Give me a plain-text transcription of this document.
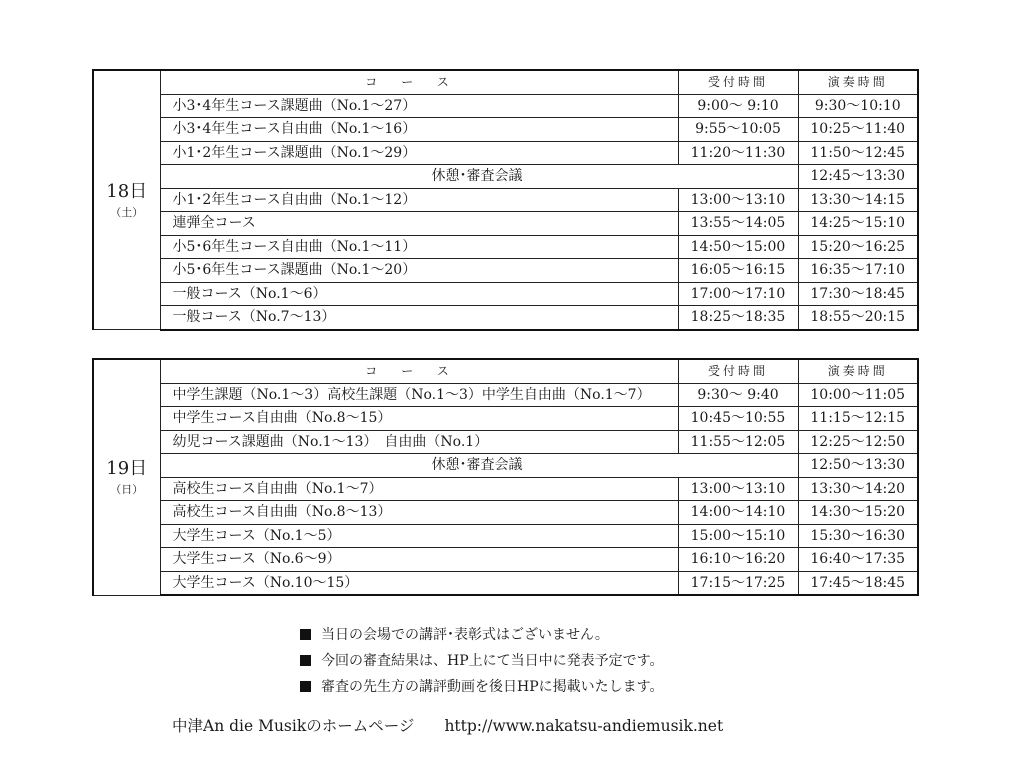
18日
（土）	コース	受付時間	演奏時間
	小3･4年生コース課題曲（No.1～27）	9:00～ 9:10	9:30～10:10
	小3･4年生コース自由曲（No.1～16）	9:55～10:05	10:25～11:40
	小1･2年生コース課題曲（No.1～29）	11:20～11:30	11:50～12:45
	休憩･審査会議		12:45～13:30
	小1･2年生コース自由曲（No.1～12）	13:00～13:10	13:30～14:15
	連弾全コース	13:55～14:05	14:25～15:10
	小5･6年生コース自由曲（No.1～11）	14:50～15:00	15:20～16:25
	小5･6年生コース課題曲（No.1～20）	16:05～16:15	16:35～17:10
	一般コース（No.1～6）	17:00～17:10	17:30～18:45
	一般コース（No.7～13）	18:25～18:35	18:55～20:15
19日
（日）	コース	受付時間	演奏時間
	中学生課題（No.1～3）高校生課題（No.1～3）中学生自由曲（No.1～7）	9:30～ 9:40	10:00～11:05
	中学生コース自由曲（No.8～15）	10:45～10:55	11:15～12:15
	幼児コース課題曲（No.1～13）　自由曲（No.1）	11:55～12:05	12:25～12:50
	休憩･審査会議		12:50～13:30
	高校生コース自由曲（No.1～7）	13:00～13:10	13:30～14:20
	高校生コース自由曲（No.8～13）	14:00～14:10	14:30～15:20
	大学生コース（No.1～5）	15:00～15:10	15:30～16:30
	大学生コース（No.6～9）	16:10～16:20	16:40～17:35
	大学生コース（No.10～15）	17:15～17:25	17:45～18:45
当日の会場での講評･表彰式はございません。
今回の審査結果は、HP上にて当日中に発表予定です。
審査の先生方の講評動画を後日HPに掲載いたします。
中津An die Musikのホームページ http://www.nakatsu-andiemusik.net
